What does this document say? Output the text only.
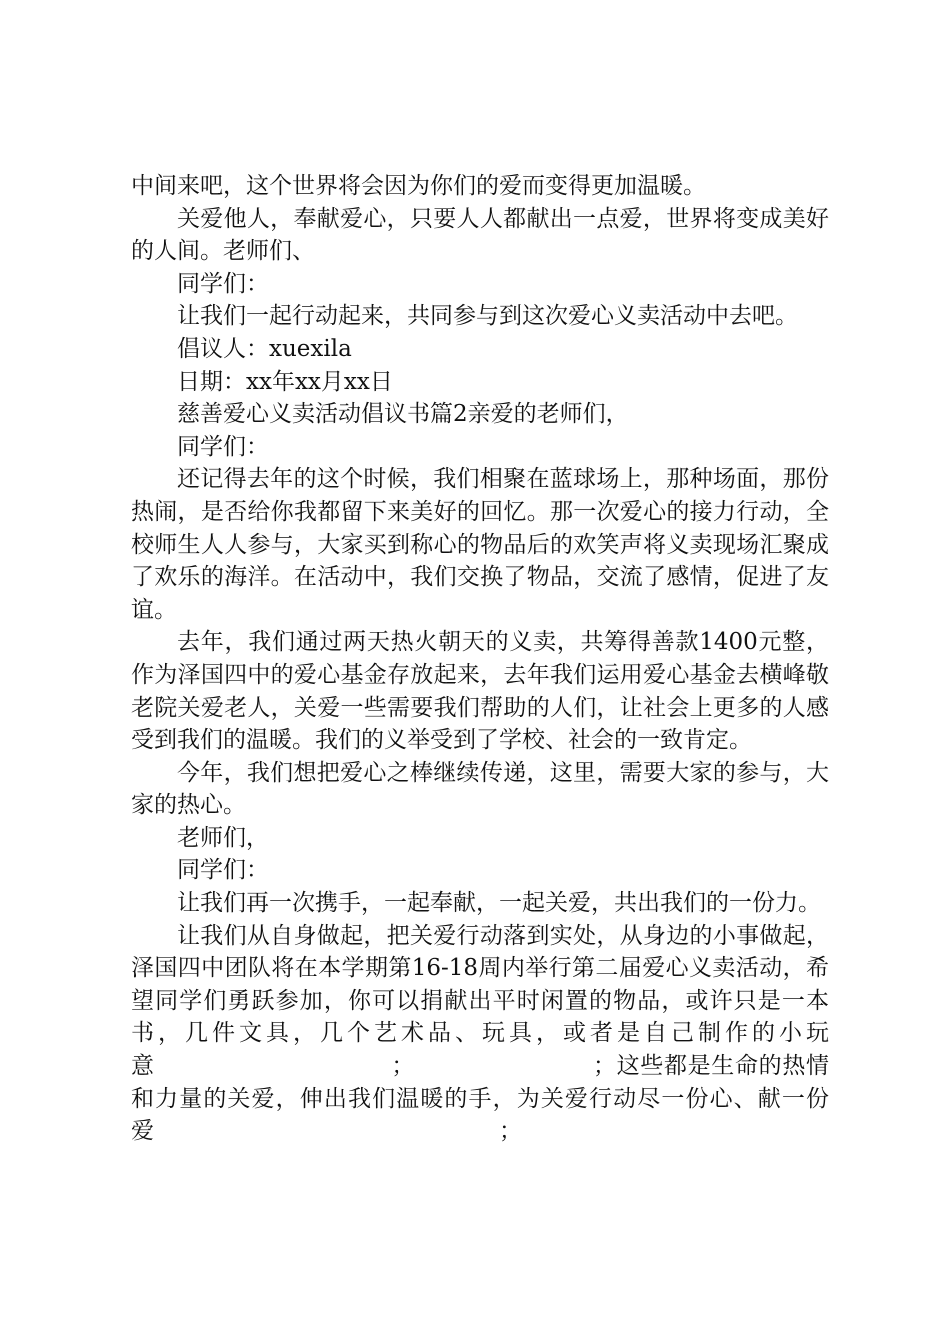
中间来吧，这个世界将会因为你们的爱而变得更加温暖。

关爱他人，奉献爱心，只要人人都献出一点爱，世界将变成美好的人间。老师们、

同学们：

让我们一起行动起来，共同参与到这次爱心义卖活动中去吧。

倡议人：xuexila

日期：xx年xx月xx日

慈善爱心义卖活动倡议书篇2亲爱的老师们，

同学们：

还记得去年的这个时候，我们相聚在蓝球场上，那种场面，那份热闹，是否给你我都留下来美好的回忆。那一次爱心的接力行动，全校师生人人参与，大家买到称心的物品后的欢笑声将义卖现场汇聚成了欢乐的海洋。在活动中，我们交换了物品，交流了感情，促进了友谊。

去年，我们通过两天热火朝天的义卖，共筹得善款1400元整，作为泽国四中的爱心基金存放起来，去年我们运用爱心基金去横峰敬老院关爱老人，关爱一些需要我们帮助的人们，让社会上更多的人感受到我们的温暖。我们的义举受到了学校、社会的一致肯定。

今年，我们想把爱心之棒继续传递，这里，需要大家的参与，大家的热心。

老师们，

同学们：

让我们再一次携手，一起奉献，一起关爱，共出我们的一份力。

让我们从自身做起，把关爱行动落到实处，从身边的小事做起，泽国四中团队将在本学期第16-18周内举行第二届爱心义卖活动，希望同学们勇跃参加，你可以捐献出平时闲置的物品，或许只是一本书，几件文具，几个艺术品、玩具，或者是自己制作的小玩意　　　　　　　　　　；　　　　　　　　；这些都是生命的热情和力量的关爱，伸出我们温暖的手，为关爱行动尽一份心、献一份爱　　　　　　　　　　　　　　　；
